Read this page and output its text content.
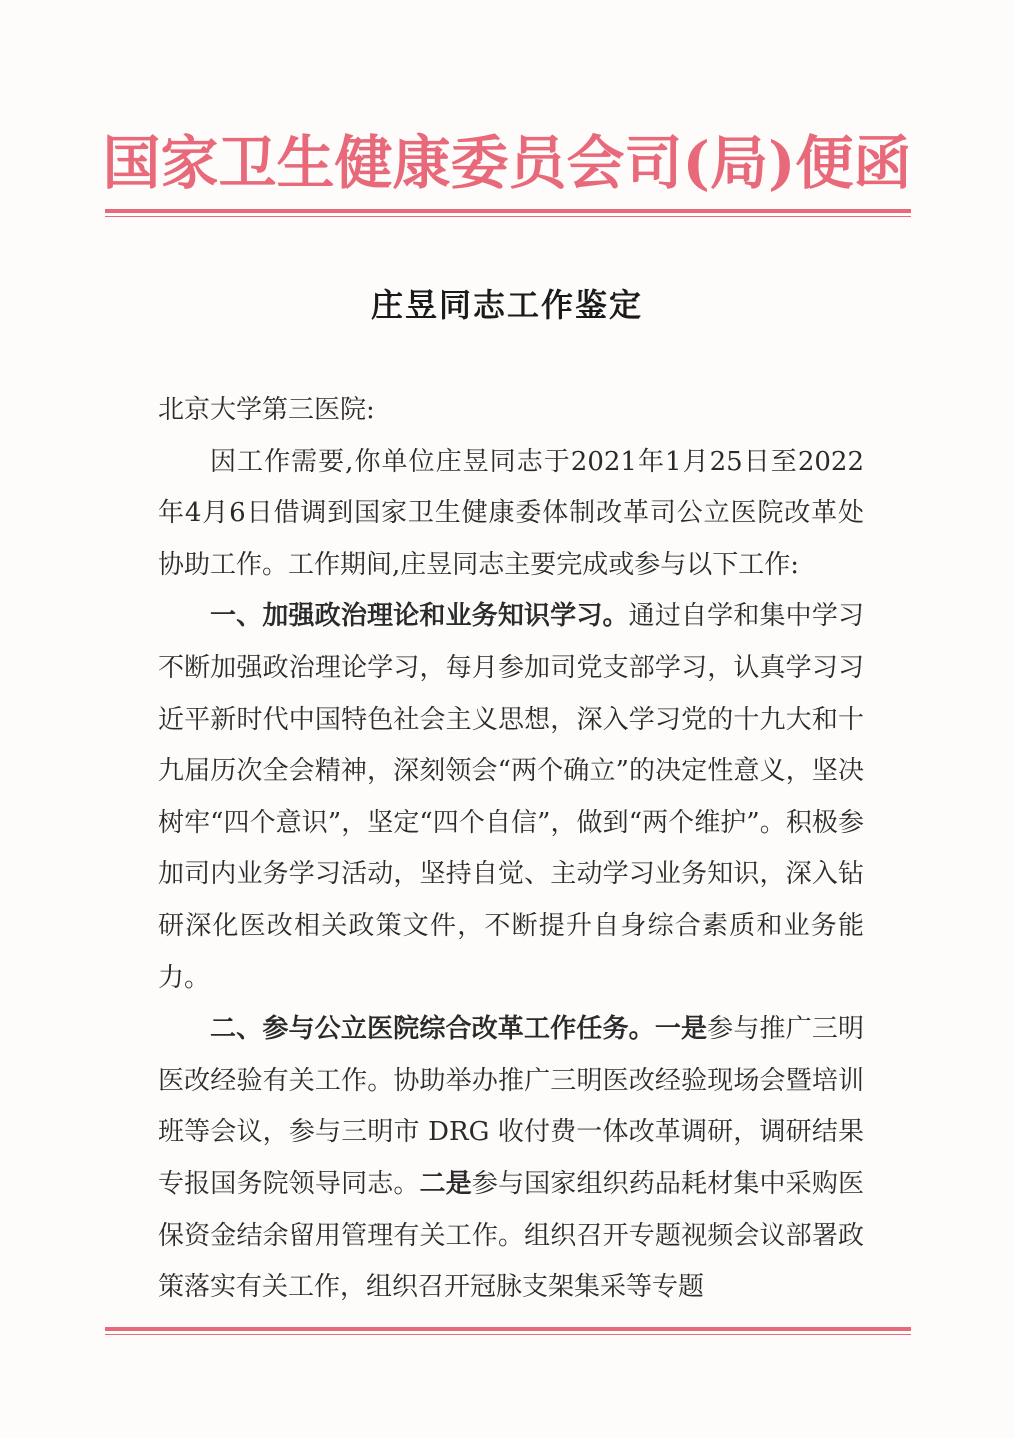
国家卫生健康委员会司(局)便函
庄昱同志工作鉴定

北京大学第三医院:

因工作需要,你单位庄昱同志于2021年1月25日至2022年4月6日借调到国家卫生健康委体制改革司公立医院改革处协助工作。工作期间,庄昱同志主要完成或参与以下工作:

一、加强政治理论和业务知识学习。通过自学和集中学习不断加强政治理论学习，每月参加司党支部学习，认真学习习近平新时代中国特色社会主义思想，深入学习党的十九大和十九届历次全会精神，深刻领会“两个确立”的决定性意义，坚决树牢“四个意识”，坚定“四个自信”，做到“两个维护”。积极参加司内业务学习活动，坚持自觉、主动学习业务知识，深入钻研深化医改相关政策文件，不断提升自身综合素质和业务能力。

二、参与公立医院综合改革工作任务。一是参与推广三明医改经验有关工作。协助举办推广三明医改经验现场会暨培训班等会议，参与三明市 DRG 收付费一体改革调研，调研结果专报国务院领导同志。二是参与国家组织药品耗材集中采购医保资金结余留用管理有关工作。组织召开专题视频会议部署政策落实有关工作，组织召开冠脉支架集采等专题
